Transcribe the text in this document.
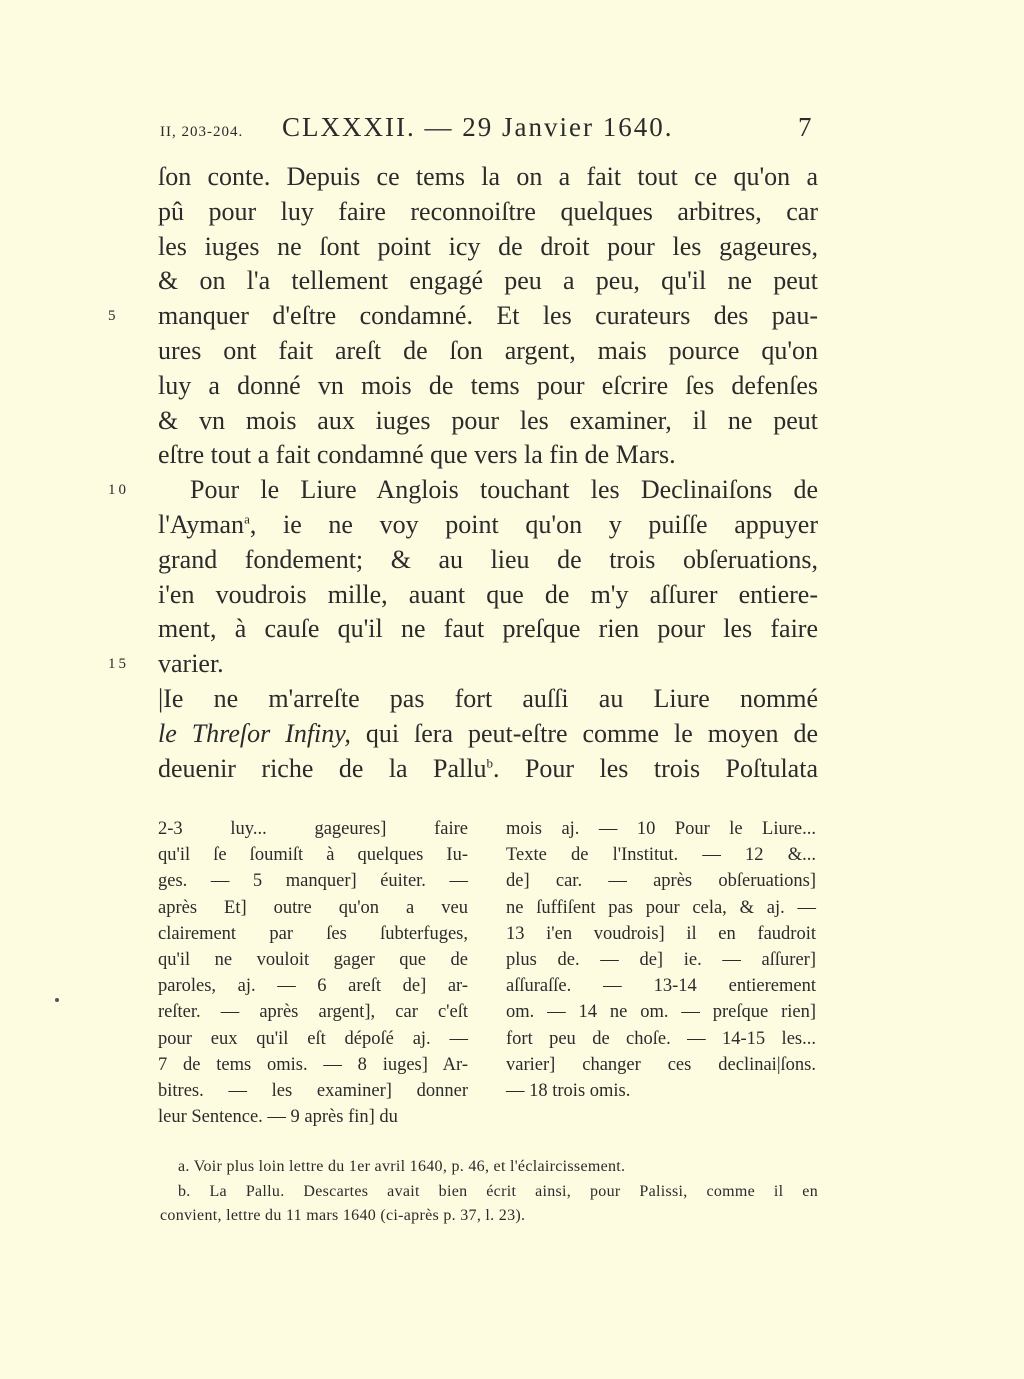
II, 203-204. CLXXXII. — 29 Janvier 1640.	7
ſon conte. Depuis ce tems la on a fait tout ce qu'on a
pû pour luy faire reconnoiſtre quelques arbitres, car
les iuges ne ſont point icy de droit pour les gageures,
& on l'a tellement engagé peu a peu, qu'il ne peut
5 manquer d'eſtre condamné. Et les curateurs des pau-
ures ont fait areſt de ſon argent, mais pource qu'on
luy a donné vn mois de tems pour eſcrire ſes defenſes
& vn mois aux iuges pour les examiner, il ne peut
eſtre tout a fait condamné que vers la fin de Mars.
10 Pour le Liure Anglois touchant les Declinaiſons de
l'Ayman$^a$, ie ne voy point qu'on y puiſſe appuyer
grand fondement; & au lieu de trois obſeruations,
i'en voudrois mille, auant que de m'y aſſurer entiere-
ment, à cauſe qu'il ne faut preſque rien pour les faire
15 varier.
|Ie ne m'arreſte pas fort auſſi au Liure nommé
le Threſor Infiny, qui ſera peut-eſtre comme le moyen de
deuenir riche de la Pallu$^b$. Pour les trois Poſtulata
2-3 luy... gageures] faire
qu'il ſe ſoumiſt à quelques Iu-
ges. — 5 manquer] éuiter. —
après Et] outre qu'on a veu
clairement par ſes ſubterfuges,
qu'il ne vouloit gager que de
paroles, aj. — 6 areſt de] ar-
reſter. — après argent], car c'eſt
pour eux qu'il eſt dépoſé aj. —
7 de tems omis. — 8 iuges] Ar-
bitres. — les examiner] donner
leur Sentence. — 9 après fin] du
mois aj. — 10 Pour le Liure...
Texte de l'Institut. — 12 &...
de] car. — après obſeruations]
ne ſuffiſent pas pour cela, & aj. —
13 i'en voudrois] il en faudroit
plus de. — de] ie. — aſſurer]
aſſuraſſe. — 13-14 entierement
om. — 14 ne om. — preſque rien]
fort peu de choſe. — 14-15 les...
varier] changer ces declinai|ſons.
— 18 trois omis.
a. Voir plus loin lettre du 1er avril 1640, p. 46, et l'éclaircissement.
b. La Pallu. Descartes avait bien écrit ainsi, pour Palissi, comme il en
convient, lettre du 11 mars 1640 (ci-après p. 37, l. 23).
